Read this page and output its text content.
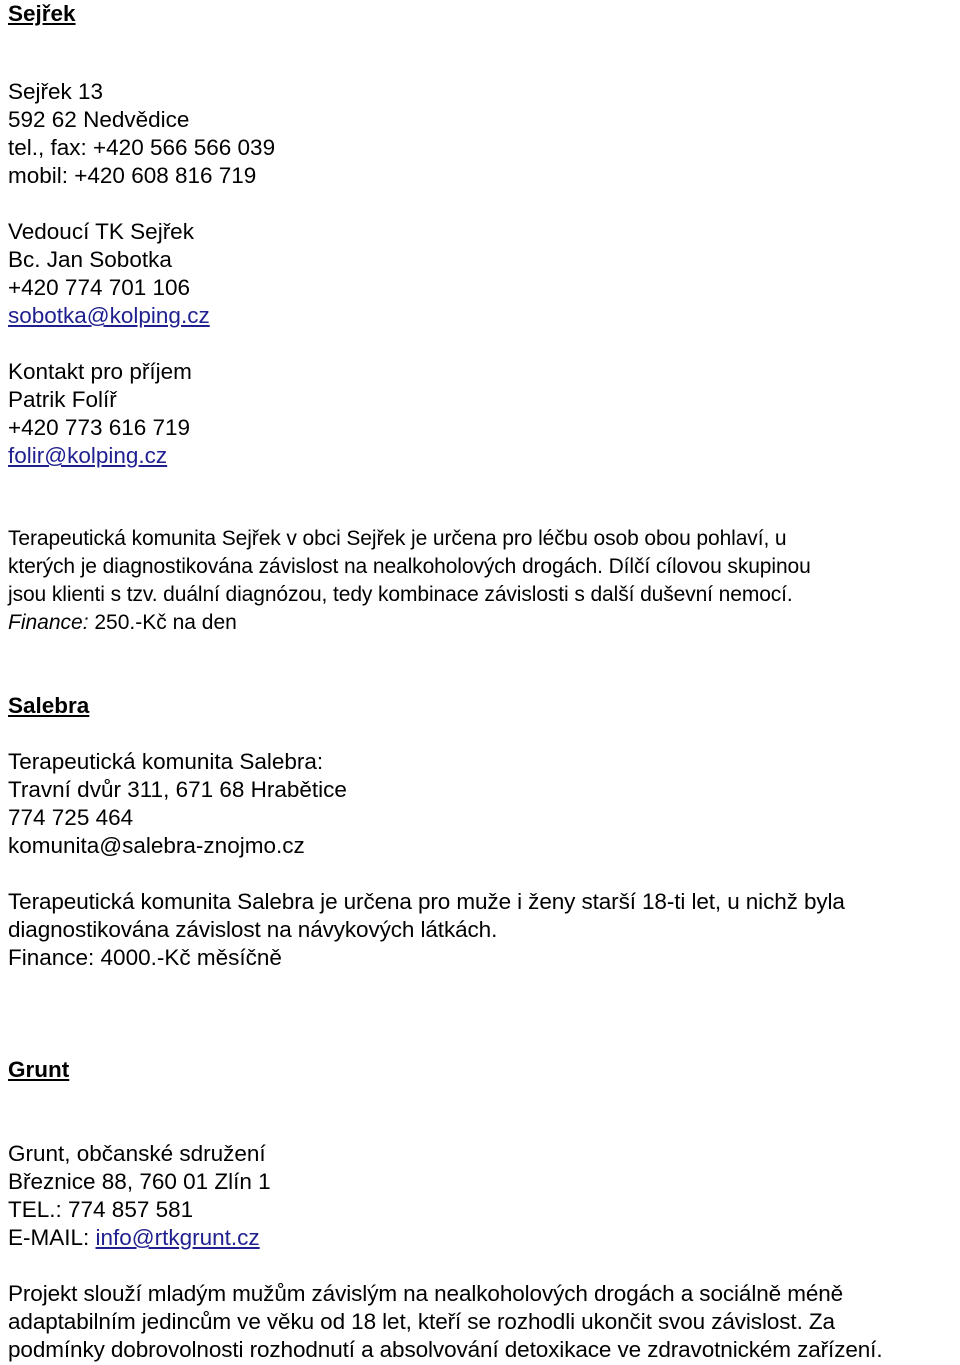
Sejřek
Sejřek 13
592 62 Nedvědice
tel., fax: +420 566 566 039
mobil: +420 608 816 719
Vedoucí TK Sejřek
Bc. Jan Sobotka
+420 774 701 106
sobotka@kolping.cz
Kontakt pro příjem
Patrik Folíř
+420 773 616 719
folir@kolping.cz
Terapeutická komunita Sejřek v obci Sejřek je určena pro léčbu osob obou pohlaví, u
kterých je diagnostikována závislost na nealkoholových drogách. Dílčí cílovou skupinou
jsou klienti s tzv. duální diagnózou, tedy kombinace závislosti s další duševní nemocí.
Finance: 250.-Kč na den
Salebra
Terapeutická komunita Salebra:
Travní dvůr 311, 671 68 Hrabětice
774 725 464
komunita@salebra-znojmo.cz
Terapeutická komunita Salebra je určena pro muže i ženy starší 18-ti let, u nichž byla
diagnostikována závislost na návykových látkách.
Finance: 4000.-Kč měsíčně
Grunt
Grunt, občanské sdružení
Březnice 88, 760 01 Zlín 1
TEL.: 774 857 581
E-MAIL: info@rtkgrunt.cz
Projekt slouží mladým mužům závislým na nealkoholových drogách a sociálně méně
adaptabilním jedincům ve věku od 18 let, kteří se rozhodli ukončit svou závislost. Za
podmínky dobrovolnosti rozhodnutí a absolvování detoxikace ve zdravotnickém zařízení.
